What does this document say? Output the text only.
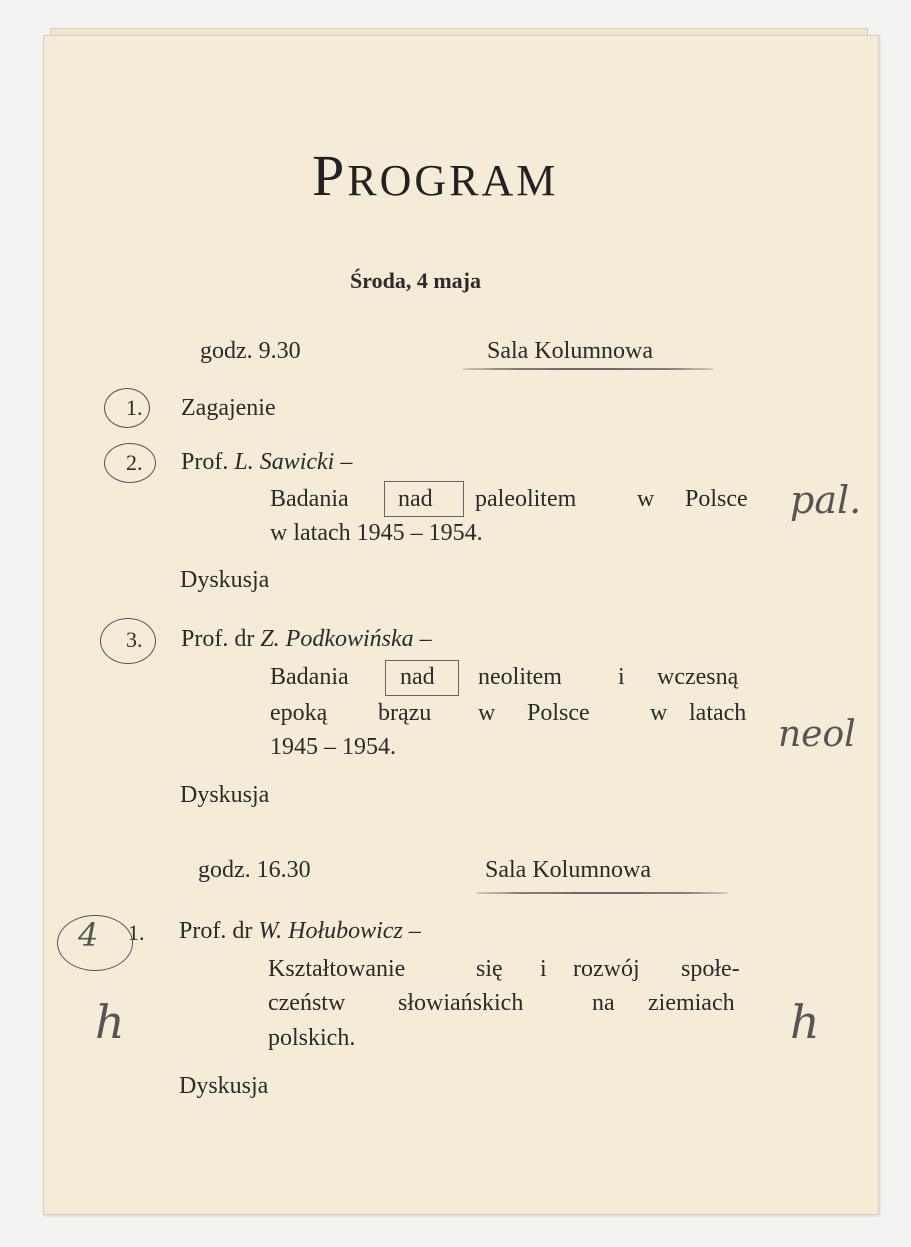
PROGRAM
Środa, 4 maja
godz. 9.30	Sala Kolumnowa
1. Zagajenie
2. Prof. L. Sawicki –
Badania nad paleolitem	w Polsce
w latach 1945 – 1954.
Dyskusja
3. Prof. dr Z. Podkowińska –
Badania nad neolitem i wczesną
epoką brązu w Polsce	w latach
1945 – 1954.
Dyskusja
godz. 16.30	Sala Kolumnowa
4 1. Prof. dr W. Hołubowicz –
Kształtowanie	się i rozwój społe-
czeństw słowiańskich	na ziemiach
polskich.
Dyskusja
pal.
neol
h	h
